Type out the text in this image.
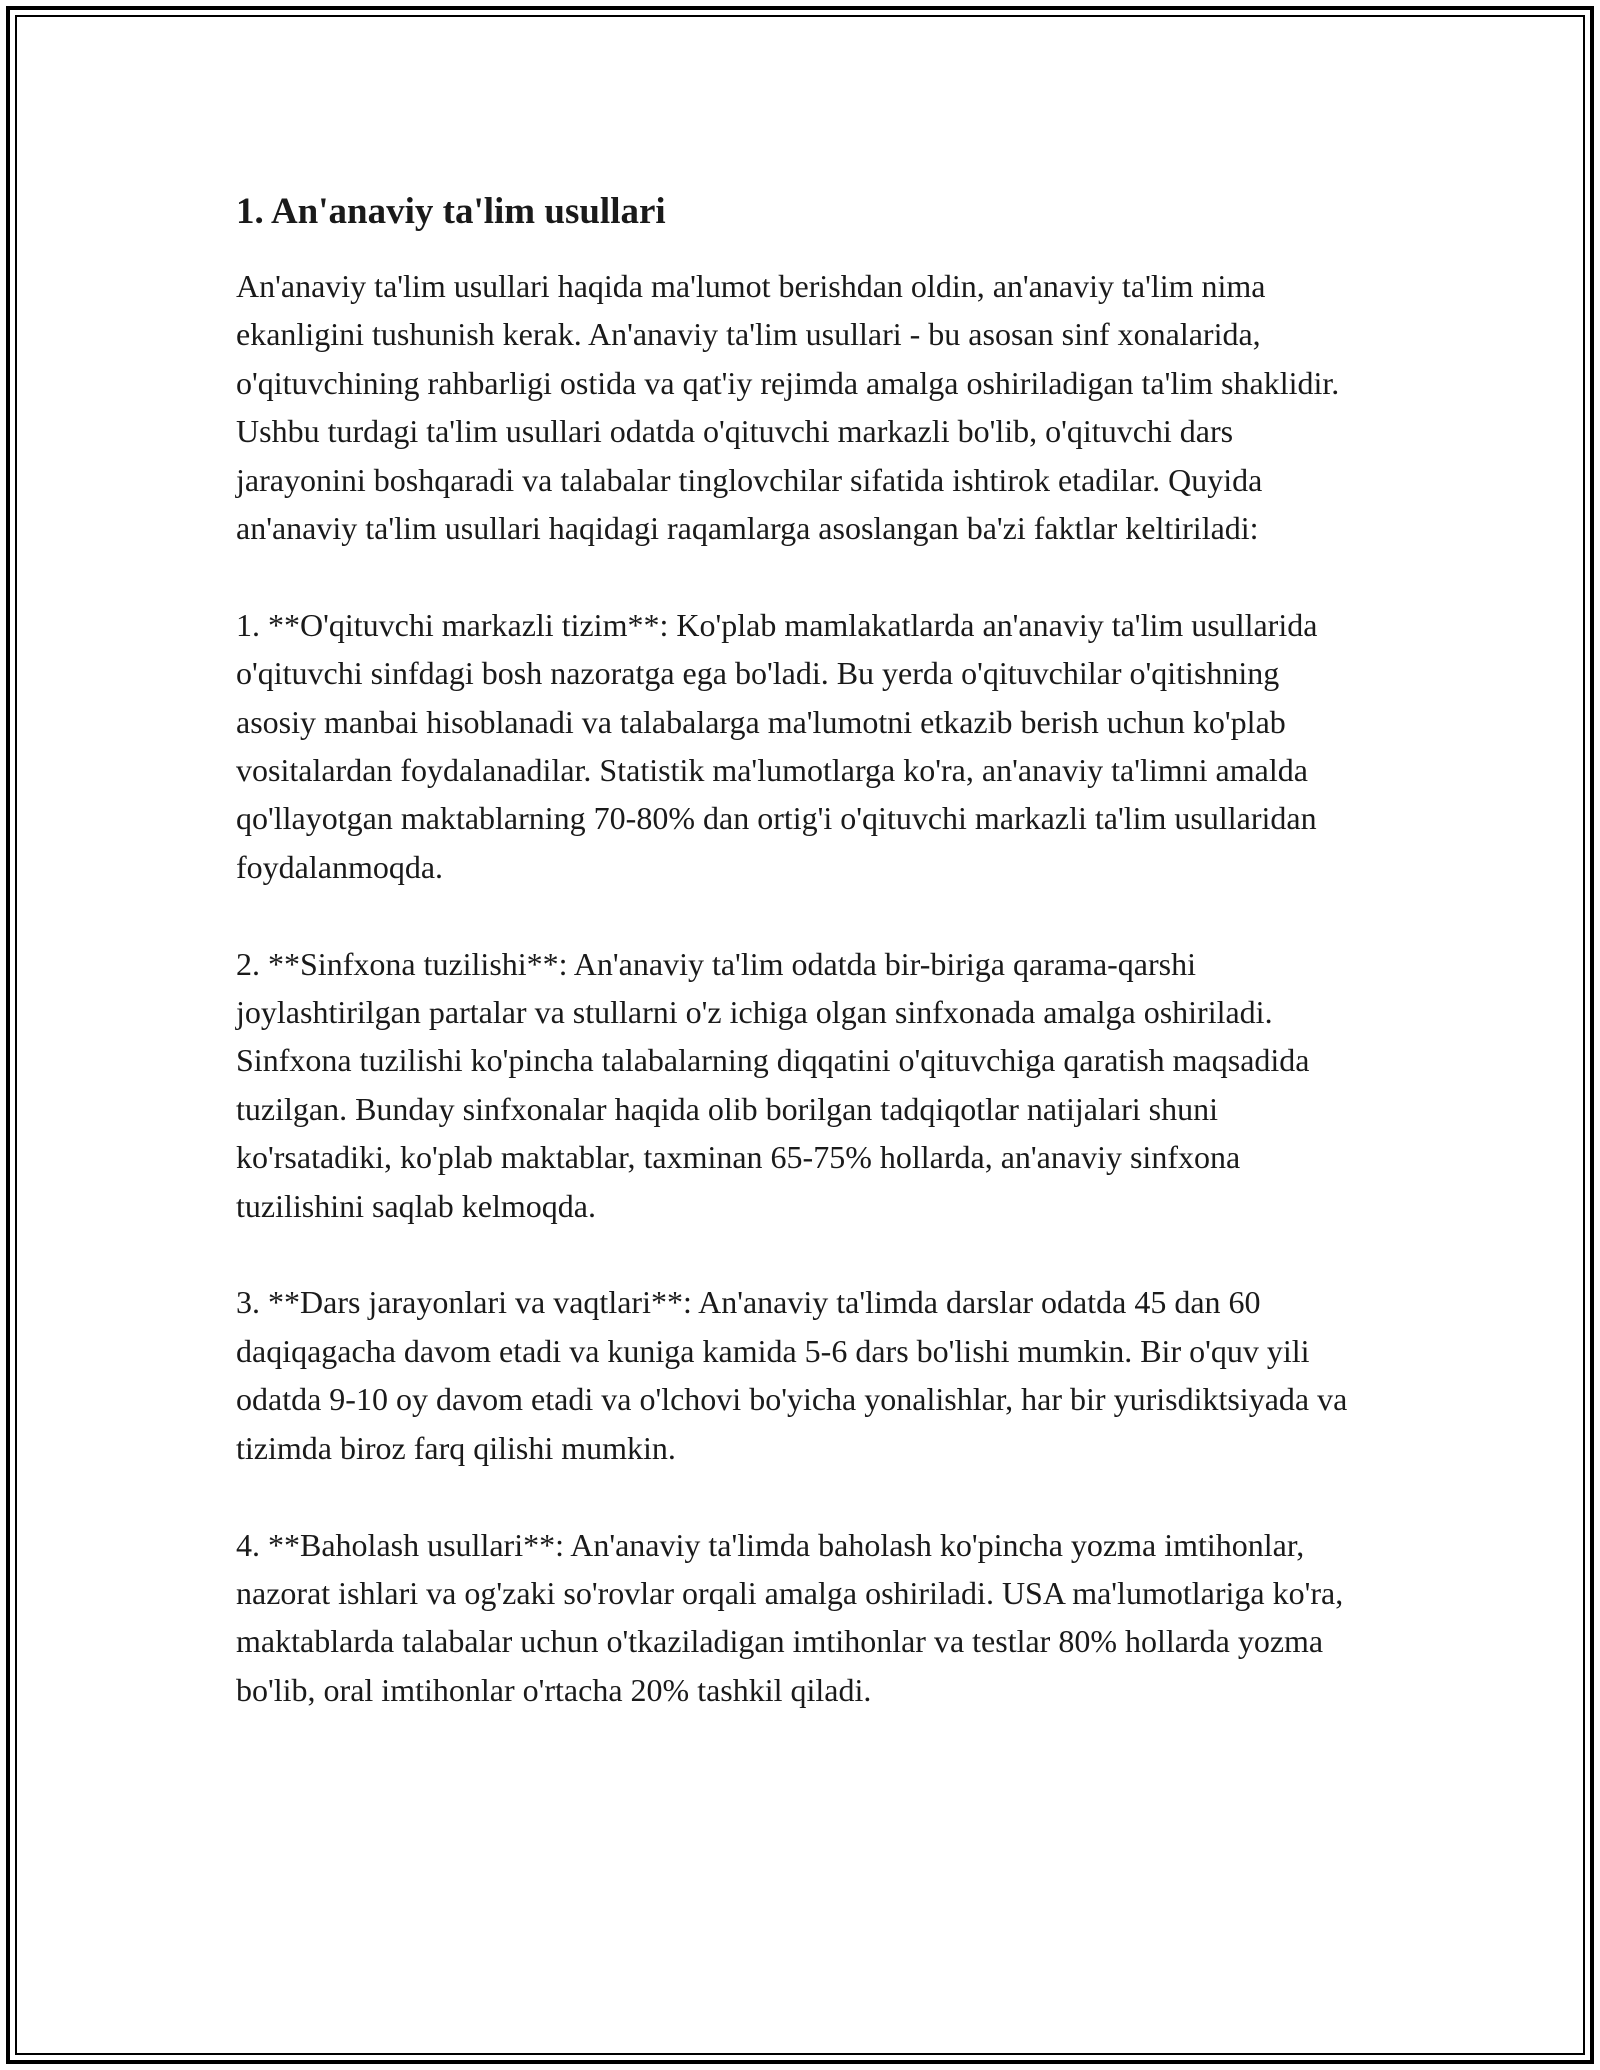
1. An'anaviy ta'lim usullari

An'anaviy ta'lim usullari haqida ma'lumot berishdan oldin, an'anaviy ta'lim nima ekanligini tushunish kerak. An'anaviy ta'lim usullari - bu asosan sinf xonalarida, o'qituvchining rahbarligi ostida va qat'iy rejimda amalga oshiriladigan ta'lim shaklidir. Ushbu turdagi ta'lim usullari odatda o'qituvchi markazli bo'lib, o'qituvchi dars jarayonini boshqaradi va talabalar tinglovchilar sifatida ishtirok etadilar. Quyida an'anaviy ta'lim usullari haqidagi raqamlarga asoslangan ba'zi faktlar keltiriladi:

1. **O'qituvchi markazli tizim**: Ko'plab mamlakatlarda an'anaviy ta'lim usullarida o'qituvchi sinfdagi bosh nazoratga ega bo'ladi. Bu yerda o'qituvchilar o'qitishning asosiy manbai hisoblanadi va talabalarga ma'lumotni etkazib berish uchun ko'plab vositalardan foydalanadilar. Statistik ma'lumotlarga ko'ra, an'anaviy ta'limni amalda qo'llayotgan maktablarning 70-80% dan ortig'i o'qituvchi markazli ta'lim usullaridan foydalanmoqda.

2. **Sinfxona tuzilishi**: An'anaviy ta'lim odatda bir-biriga qarama-qarshi joylashtirilgan partalar va stullarni o'z ichiga olgan sinfxonada amalga oshiriladi. Sinfxona tuzilishi ko'pincha talabalarning diqqatini o'qituvchiga qaratish maqsadida tuzilgan. Bunday sinfxonalar haqida olib borilgan tadqiqotlar natijalari shuni ko'rsatadiki, ko'plab maktablar, taxminan 65-75% hollarda, an'anaviy sinfxona tuzilishini saqlab kelmoqda.

3. **Dars jarayonlari va vaqtlari**: An'anaviy ta'limda darslar odatda 45 dan 60 daqiqagacha davom etadi va kuniga kamida 5-6 dars bo'lishi mumkin. Bir o'quv yili odatda 9-10 oy davom etadi va o'lchovi bo'yicha yonalishlar, har bir yurisdiktsiyada va tizimda biroz farq qilishi mumkin.

4. **Baholash usullari**: An'anaviy ta'limda baholash ko'pincha yozma imtihonlar, nazorat ishlari va og'zaki so'rovlar orqali amalga oshiriladi. USA ma'lumotlariga ko'ra, maktablarda talabalar uchun o'tkaziladigan imtihonlar va testlar 80% hollarda yozma bo'lib, oral imtihonlar o'rtacha 20% tashkil qiladi.
